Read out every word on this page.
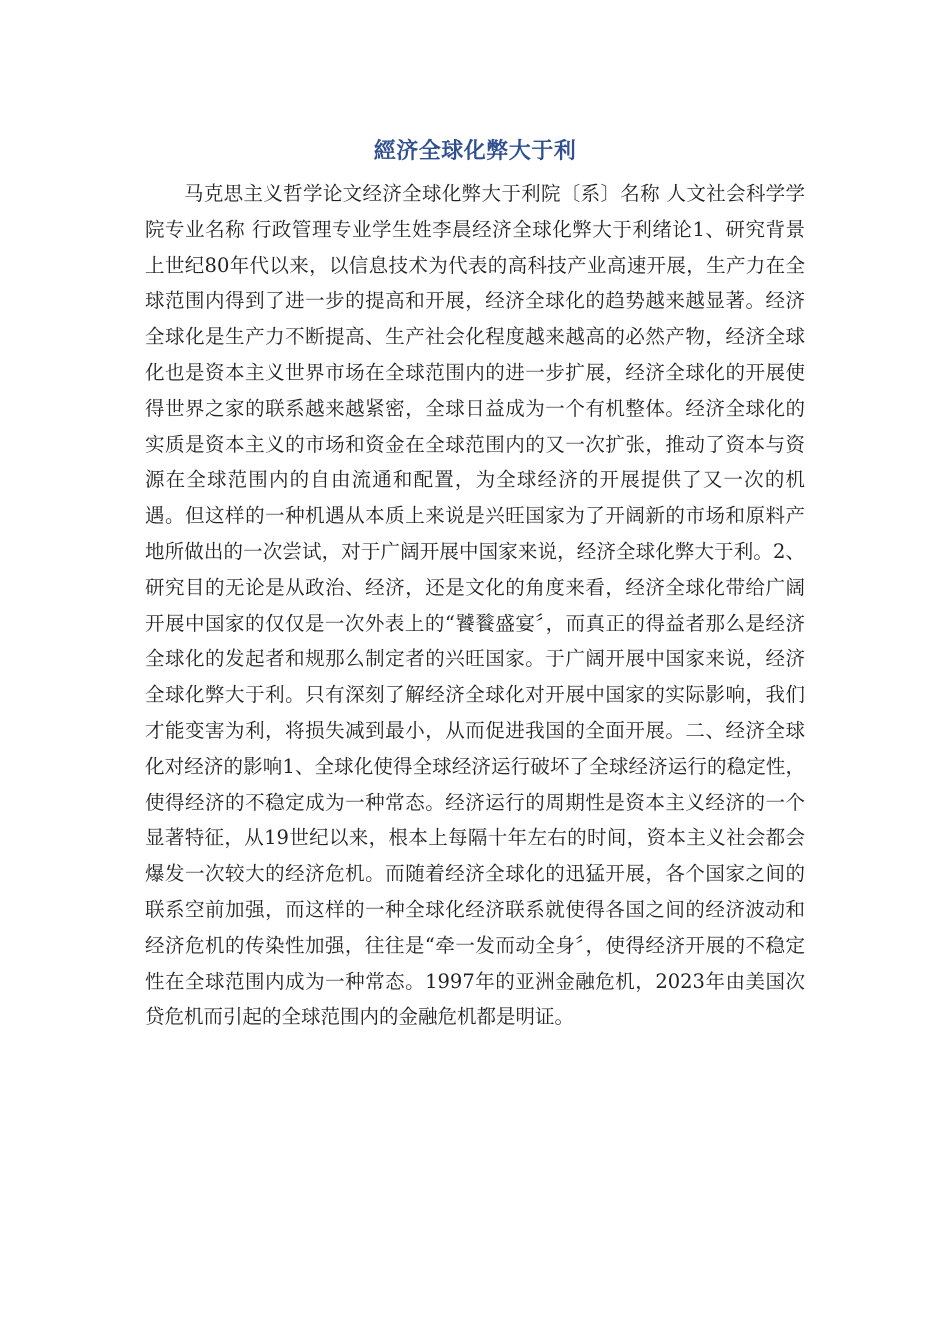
經济全球化弊大于利

马克思主义哲学论文经济全球化弊大于利院〔系〕名称 人文社会科学学院专业名称 行政管理专业学生姓李晨经济全球化弊大于利绪论1、研究背景上世纪80年代以来，以信息技术为代表的高科技产业高速开展，生产力在全球范围内得到了进一步的提高和开展，经济全球化的趋势越来越显著。经济全球化是生产力不断提高、生产社会化程度越来越高的必然产物，经济全球化也是资本主义世界市场在全球范围内的进一步扩展，经济全球化的开展使得世界之家的联系越来越紧密，全球日益成为一个有机整体。经济全球化的实质是资本主义的市场和资金在全球范围内的又一次扩张，推动了资本与资源在全球范围内的自由流通和配置，为全球经济的开展提供了又一次的机遇。但这样的一种机遇从本质上来说是兴旺国家为了开阔新的市场和原料产地所做出的一次尝试，对于广阔开展中国家来说，经济全球化弊大于利。2、研究目的无论是从政治、经济，还是文化的角度来看，经济全球化带给广阔开展中国家的仅仅是一次外表上的“饕餮盛宴〞，而真正的得益者那么是经济全球化的发起者和规那么制定者的兴旺国家。于广阔开展中国家来说，经济全球化弊大于利。只有深刻了解经济全球化对开展中国家的实际影响，我们才能变害为利，将损失减到最小，从而促进我国的全面开展。二、经济全球化对经济的影响1、全球化使得全球经济运行破坏了全球经济运行的稳定性，使得经济的不稳定成为一种常态。经济运行的周期性是资本主义经济的一个显著特征，从19世纪以来，根本上每隔十年左右的时间，资本主义社会都会爆发一次较大的经济危机。而随着经济全球化的迅猛开展，各个国家之间的联系空前加强，而这样的一种全球化经济联系就使得各国之间的经济波动和经济危机的传染性加强，往往是“牵一发而动全身〞，使得经济开展的不稳定性在全球范围内成为一种常态。1997年的亚洲金融危机，2023年由美国次贷危机而引起的全球范围内的金融危机都是明证。
